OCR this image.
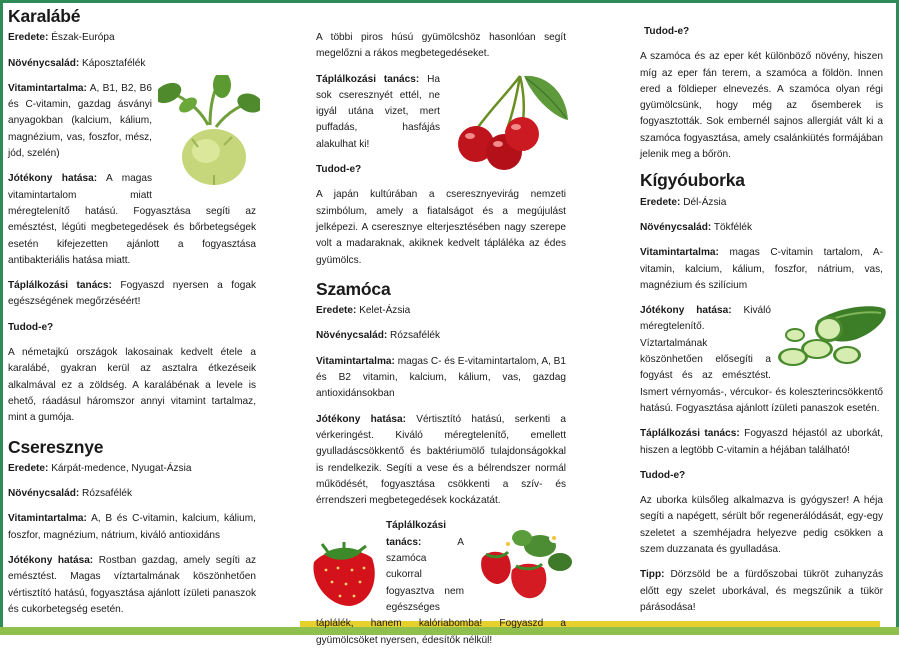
Karalábé

Eredete: Észak-Európa

Növénycsalád: Káposztafélék

Vitamintartalma: A, B1, B2, B6 és C-vitamin, gazdag ásványi anyagokban (kalcium, kálium, magnézium, vas, foszfor, mész, jód, szelén)

Jótékony hatása: A magas vitamintartalom miatt méregtelenítő hatású. Fogyasztása segíti az emésztést, légúti megbetegedések és bőrbetegségek esetén kifejezetten ajánlott a fogyasztása antibakteriális hatása miatt.

Táplálkozási tanács: Fogyaszd nyersen a fogak egészségének megőrzéséért!

Tudod-e?

A németajkú országok lakosainak kedvelt étele a karalábé, gyakran kerül az asztalra étkezéseik alkalmával ez a zöldség. A karalábénak a levele is ehető, ráadásul háromszor annyi vitamint tartalmaz, mint a gumója.

Cseresznye

Eredete: Kárpát-medence, Nyugat-Ázsia

Növénycsalád: Rózsafélék

Vitamintartalma: A, B és C-vitamin, kalcium, kálium, foszfor, magnézium, nátrium, kiváló antioxidáns

Jótékony hatása: Rostban gazdag, amely segíti az emésztést. Magas víztartalmának köszönhetően vértisztító hatású, fogyasztása ajánlott ízületi panaszok és cukorbetegség esetén.

A többi piros húsú gyümölcshöz hasonlóan segít megelőzni a rákos megbetegedéseket.

Táplálkozási tanács: Ha sok cseresznyét ettél, ne igyál utána vizet, mert puffadás, hasfájás alakulhat ki!

Tudod-e?

A japán kultúrában a cseresznyevirág nemzeti szimbólum, amely a fiatalságot és a megújulást jelképezi. A cseresznye elterjesztésében nagy szerepe volt a madaraknak, akiknek kedvelt tápláléka az édes gyümölcs.

Szamóca

Eredete: Kelet-Ázsia

Növénycsalád: Rózsafélék

Vitamintartalma: magas C- és E-vitamintartalom, A, B1 és B2 vitamin, kalcium, kálium, vas, gazdag antioxidánsokban

Jótékony hatása: Vértisztító hatású, serkenti a vérkeringést. Kiváló méregtelenítő, emellett gyulladáscsökkentő és baktériumölő tulajdonságokkal is rendelkezik. Segíti a vese és a bélrendszer normál működését, fogyasztása csökkenti a szív- és érrendszeri megbetegedések kockázatát.

Táplálkozási tanács: A szamóca cukorral fogyasztva nem egészséges táplálék, hanem kalóriabomba! Fogyaszd a gyümölcsöket nyersen, édesítők nélkül!

Tudod-e?

A szamóca és az eper két különböző növény, hiszen míg az eper fán terem, a szamóca a földön. Innen ered a földieper elnevezés. A szamóca olyan régi gyümölcsünk, hogy még az ősemberek is fogyasztották. Sok embernél sajnos allergiát vált ki a szamóca fogyasztása, amely csalánkiütés formájában jelenik meg a bőrön.

Kígyóuborka

Eredete: Dél-Ázsia

Növénycsalád: Tökfélék

Vitamintartalma: magas C-vitamin tartalom, A-vitamin, kalcium, kálium, foszfor, nátrium, vas, magnézium és szilícium

Jótékony hatása: Kiváló méregtelenítő. Víztartalmának köszönhetően elősegíti a fogyást és az emésztést. Ismert vérnyomás-, vércukor- és koleszterincsökkentő hatású. Fogyasztása ajánlott ízületi panaszok esetén.

Táplálkozási tanács: Fogyaszd héjastól az uborkát, hiszen a legtöbb C-vitamin a héjában található!

Tudod-e?

Az uborka külsőleg alkalmazva is gyógyszer! A héja segíti a napégett, sérült bőr regenerálódását, egy-egy szeletet a szemhéjadra helyezve pedig csökken a szem duzzanata és gyulladása.

Tipp: Dörzsöld be a fürdőszobai tükröt zuhanyzás előtt egy szelet uborkával, és megszűnik a tükör párásodása!
